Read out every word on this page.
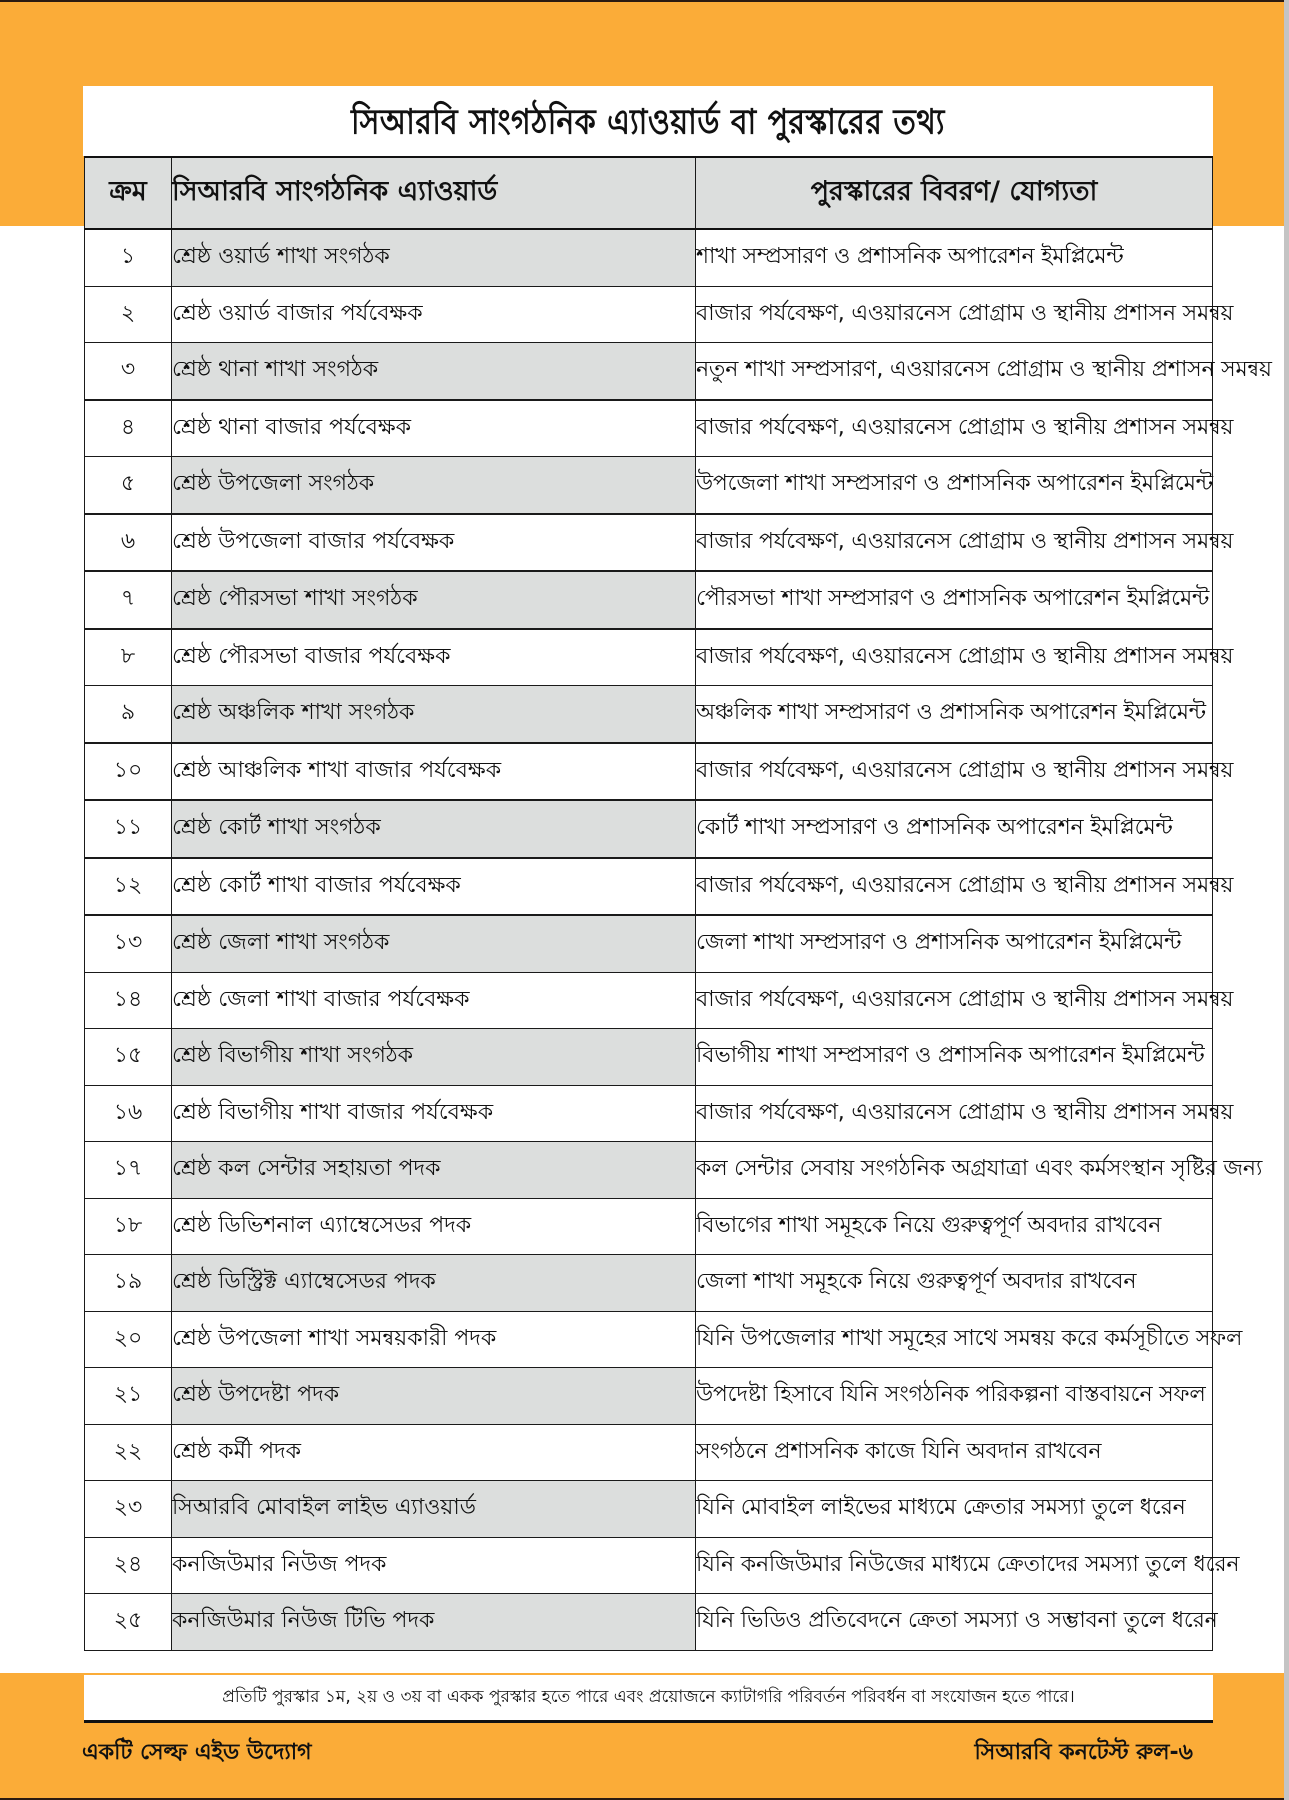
সিআরবি সাংগঠনিক এ্যাওয়ার্ড বা পুরস্কারের তথ্য
ক্রম	সিআরবি সাংগঠনিক এ্যাওয়ার্ড	পুরস্কারের বিবরণ/ যোগ্যতা
১	শ্রেষ্ঠ ওয়ার্ড শাখা সংগঠক	শাখা সম্প্রসারণ ও প্রশাসনিক অপারেশন ইমপ্লিমেন্ট
২	শ্রেষ্ঠ ওয়ার্ড বাজার পর্যবেক্ষক	বাজার পর্যবেক্ষণ, এওয়ারনেস প্রোগ্রাম ও স্থানীয় প্রশাসন সমন্বয়
৩	শ্রেষ্ঠ থানা শাখা সংগঠক	নতুন শাখা সম্প্রসারণ, এওয়ারনেস প্রোগ্রাম ও স্থানীয় প্রশাসন সমন্বয়
৪	শ্রেষ্ঠ থানা বাজার পর্যবেক্ষক	বাজার পর্যবেক্ষণ, এওয়ারনেস প্রোগ্রাম ও স্থানীয় প্রশাসন সমন্বয়
৫	শ্রেষ্ঠ উপজেলা সংগঠক	উপজেলা শাখা সম্প্রসারণ ও প্রশাসনিক অপারেশন ইমপ্লিমেন্ট
৬	শ্রেষ্ঠ উপজেলা বাজার পর্যবেক্ষক	বাজার পর্যবেক্ষণ, এওয়ারনেস প্রোগ্রাম ও স্থানীয় প্রশাসন সমন্বয়
৭	শ্রেষ্ঠ পৌরসভা শাখা সংগঠক	পৌরসভা শাখা সম্প্রসারণ ও প্রশাসনিক অপারেশন ইমপ্লিমেন্ট
৮	শ্রেষ্ঠ পৌরসভা বাজার পর্যবেক্ষক	বাজার পর্যবেক্ষণ, এওয়ারনেস প্রোগ্রাম ও স্থানীয় প্রশাসন সমন্বয়
৯	শ্রেষ্ঠ অঞ্চলিক শাখা সংগঠক	অঞ্চলিক শাখা সম্প্রসারণ ও প্রশাসনিক অপারেশন ইমপ্লিমেন্ট
১০	শ্রেষ্ঠ আঞ্চলিক শাখা বাজার পর্যবেক্ষক	বাজার পর্যবেক্ষণ, এওয়ারনেস প্রোগ্রাম ও স্থানীয় প্রশাসন সমন্বয়
১১	শ্রেষ্ঠ কোর্ট শাখা সংগঠক	কোর্ট শাখা সম্প্রসারণ ও প্রশাসনিক অপারেশন ইমপ্লিমেন্ট
১২	শ্রেষ্ঠ কোর্ট শাখা বাজার পর্যবেক্ষক	বাজার পর্যবেক্ষণ, এওয়ারনেস প্রোগ্রাম ও স্থানীয় প্রশাসন সমন্বয়
১৩	শ্রেষ্ঠ জেলা শাখা সংগঠক	জেলা শাখা সম্প্রসারণ ও প্রশাসনিক অপারেশন ইমপ্লিমেন্ট
১৪	শ্রেষ্ঠ জেলা শাখা বাজার পর্যবেক্ষক	বাজার পর্যবেক্ষণ, এওয়ারনেস প্রোগ্রাম ও স্থানীয় প্রশাসন সমন্বয়
১৫	শ্রেষ্ঠ বিভাগীয় শাখা সংগঠক	বিভাগীয় শাখা সম্প্রসারণ ও প্রশাসনিক অপারেশন ইমপ্লিমেন্ট
১৬	শ্রেষ্ঠ বিভাগীয় শাখা বাজার পর্যবেক্ষক	বাজার পর্যবেক্ষণ, এওয়ারনেস প্রোগ্রাম ও স্থানীয় প্রশাসন সমন্বয়
১৭	শ্রেষ্ঠ কল সেন্টার সহায়তা পদক	কল সেন্টার সেবায় সংগঠনিক অগ্রযাত্রা এবং কর্মসংস্থান সৃষ্টির জন্য
১৮	শ্রেষ্ঠ ডিভিশনাল এ্যাম্বেসেডর পদক	বিভাগের শাখা সমূহকে নিয়ে গুরুত্বপূর্ণ অবদার রাখবেন
১৯	শ্রেষ্ঠ ডিস্ট্রিক্ট এ্যাম্বেসেডর পদক	জেলা শাখা সমূহকে নিয়ে গুরুত্বপূর্ণ অবদার রাখবেন
২০	শ্রেষ্ঠ উপজেলা শাখা সমন্বয়কারী পদক	যিনি উপজেলার শাখা সমূহের সাথে সমন্বয় করে কর্মসূচীতে সফল
২১	শ্রেষ্ঠ উপদেষ্টা পদক	উপদেষ্টা হিসাবে যিনি সংগঠনিক পরিকল্পনা বাস্তবায়নে সফল
২২	শ্রেষ্ঠ কর্মী পদক	সংগঠনে প্রশাসনিক কাজে যিনি অবদান রাখবেন
২৩	সিআরবি মোবাইল লাইভ এ্যাওয়ার্ড	যিনি মোবাইল লাইভের মাধ্যমে ক্রেতার সমস্যা তুলে ধরেন
২৪	কনজিউমার নিউজ পদক	যিনি কনজিউমার নিউজের মাধ্যমে ক্রেতাদের সমস্যা তুলে ধরেন
২৫	কনজিউমার নিউজ টিভি পদক	যিনি ভিডিও প্রতিবেদনে ক্রেতা সমস্যা ও সম্ভাবনা তুলে ধরেন
প্রতিটি পুরস্কার ১ম, ২য় ও ৩য় বা একক পুরস্কার হতে পারে এবং প্রয়োজনে ক্যাটাগরি পরিবর্তন পরিবর্ধন বা সংযোজন হতে পারে।
একটি সেল্ফ এইড উদ্যোগ	সিআরবি কনটেস্ট রুল-৬
